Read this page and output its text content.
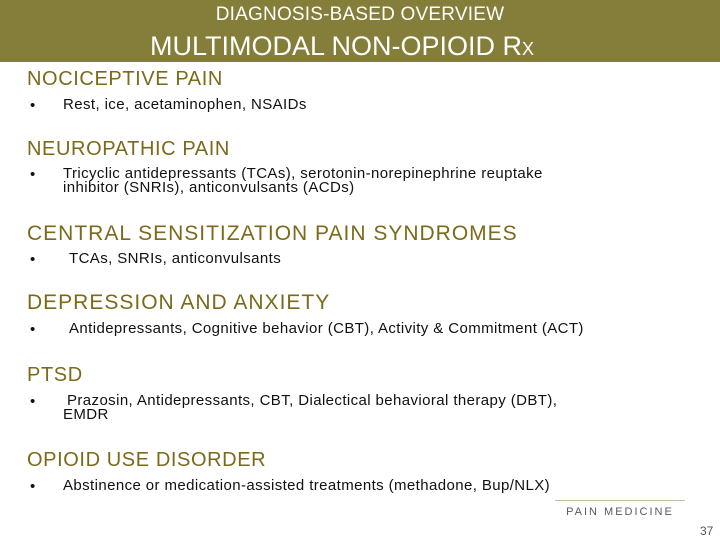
DIAGNOSIS-BASED OVERVIEW
MULTIMODAL NON-OPIOID RX
NOCICEPTIVE PAIN
• Rest, ice, acetaminophen, NSAIDs
NEUROPATHIC PAIN
• Tricyclic antidepressants (TCAs), serotonin-norepinephrine reuptake
inhibitor (SNRIs), anticonvulsants (ACDs)
CENTRAL SENSITIZATION PAIN SYNDROMES
• TCAs, SNRIs, anticonvulsants
DEPRESSION AND ANXIETY
• Antidepressants, Cognitive behavior (CBT), Activity & Commitment (ACT)
PTSD
• Prazosin, Antidepressants, CBT, Dialectical behavioral therapy (DBT),
EMDR
OPIOID USE DISORDER
• Abstinence or medication-assisted treatments (methadone, Bup/NLX)
PAIN MEDICINE
37
